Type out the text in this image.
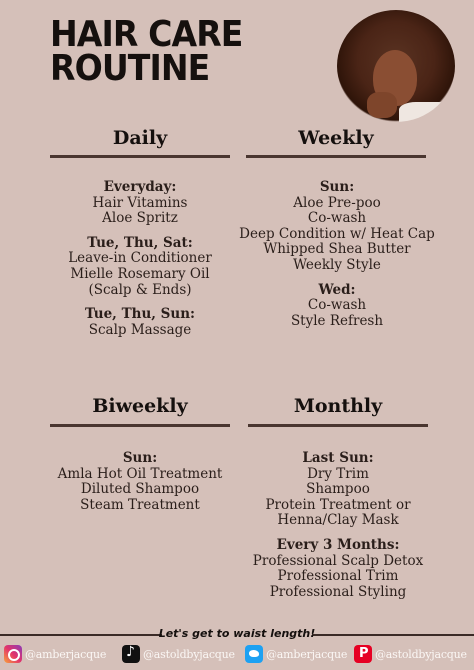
HAIR CARE
ROUTINE
Daily
Everyday:
Hair Vitamins
Aloe Spritz
Tue, Thu, Sat:
Leave-in Conditioner
Mielle Rosemary Oil
(Scalp & Ends)
Tue, Thu, Sun:
Scalp Massage
Weekly
Sun:
Aloe Pre-poo
Co-wash
Deep Condition w/ Heat Cap
Whipped Shea Butter
Weekly Style
Wed:
Co-wash
Style Refresh
Biweekly
Sun:
Amla Hot Oil Treatment
Diluted Shampoo
Steam Treatment
Monthly
Last Sun:
Dry Trim
Shampoo
Protein Treatment or
Henna/Clay Mask
Every 3 Months:
Professional Scalp Detox
Professional Trim
Professional Styling
Let's get to waist length!
@amberjacque ♪	@astoldbyjacque	@amberjacque P	@astoldbyjacque
